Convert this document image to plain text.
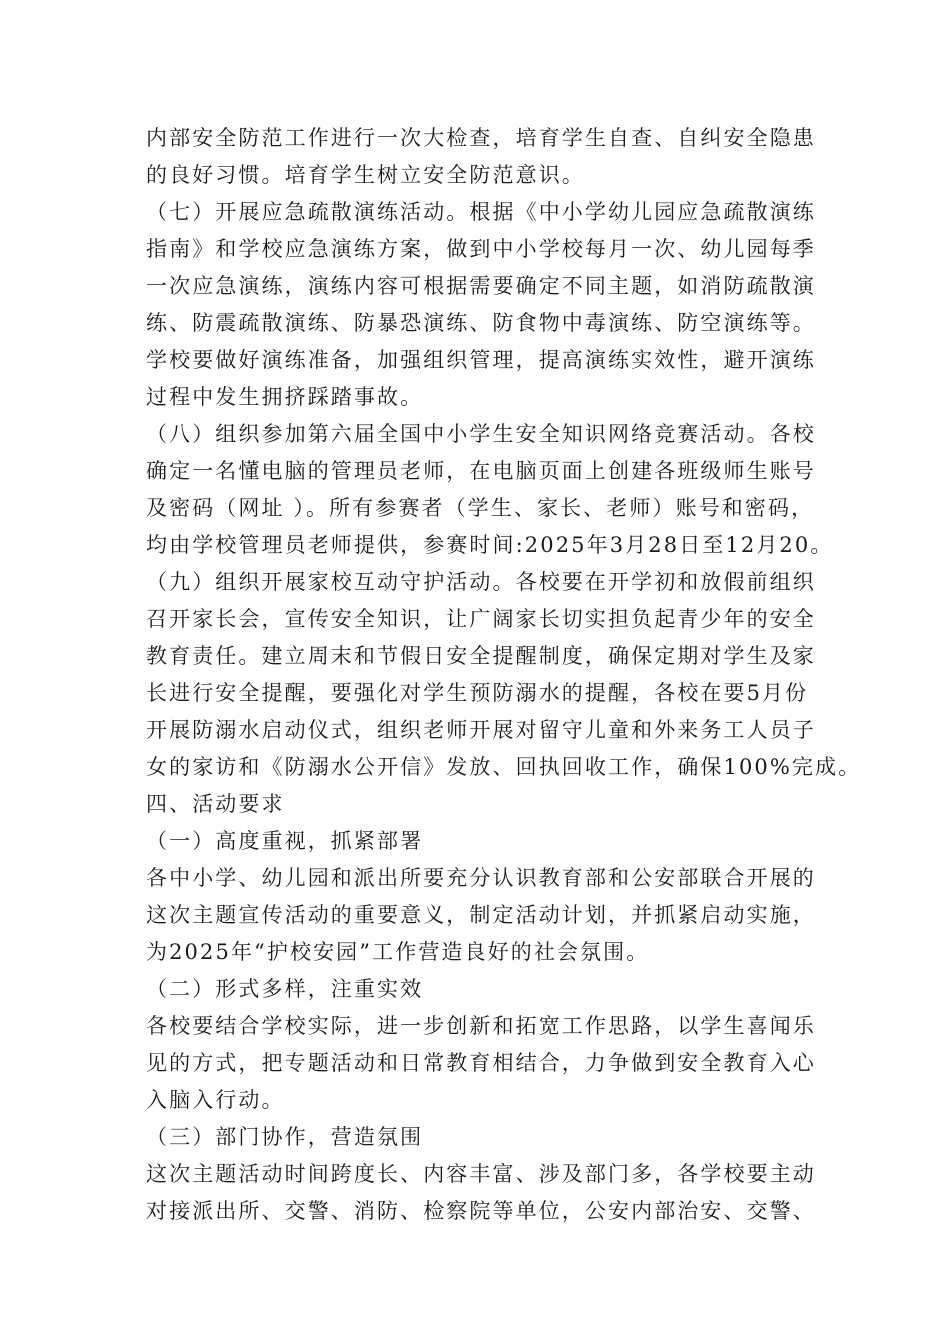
内部安全防范工作进行一次大检查，培育学生自查、自纠安全隐患
的良好习惯。培育学生树立安全防范意识。
（七）开展应急疏散演练活动。根据《中小学幼儿园应急疏散演练
指南》和学校应急演练方案，做到中小学校每月一次、幼儿园每季
一次应急演练，演练内容可根据需要确定不同主题，如消防疏散演
练、防震疏散演练、防暴恐演练、防食物中毒演练、防空演练等。
学校要做好演练准备，加强组织管理，提高演练实效性，避开演练
过程中发生拥挤踩踏事故。
（八）组织参加第六届全国中小学生安全知识网络竞赛活动。各校
确定一名懂电脑的管理员老师，在电脑页面上创建各班级师生账号
及密码（网址 ）。所有参赛者（学生、家长、老师）账号和密码，
均由学校管理员老师提供，参赛时间:2025年3月28日至12月20。
（九）组织开展家校互动守护活动。各校要在开学初和放假前组织
召开家长会，宣传安全知识，让广阔家长切实担负起青少年的安全
教育责任。建立周末和节假日安全提醒制度，确保定期对学生及家
长进行安全提醒，要强化对学生预防溺水的提醒，各校在要5月份
开展防溺水启动仪式，组织老师开展对留守儿童和外来务工人员子
女的家访和《防溺水公开信》发放、回执回收工作，确保100%完成。
四、活动要求
（一）高度重视，抓紧部署
各中小学、幼儿园和派出所要充分认识教育部和公安部联合开展的
这次主题宣传活动的重要意义，制定活动计划，并抓紧启动实施，
为2025年“护校安园”工作营造良好的社会氛围。
（二）形式多样，注重实效
各校要结合学校实际，进一步创新和拓宽工作思路，以学生喜闻乐
见的方式，把专题活动和日常教育相结合，力争做到安全教育入心
入脑入行动。
（三）部门协作，营造氛围
这次主题活动时间跨度长、内容丰富、涉及部门多，各学校要主动
对接派出所、交警、消防、检察院等单位，公安内部治安、交警、
